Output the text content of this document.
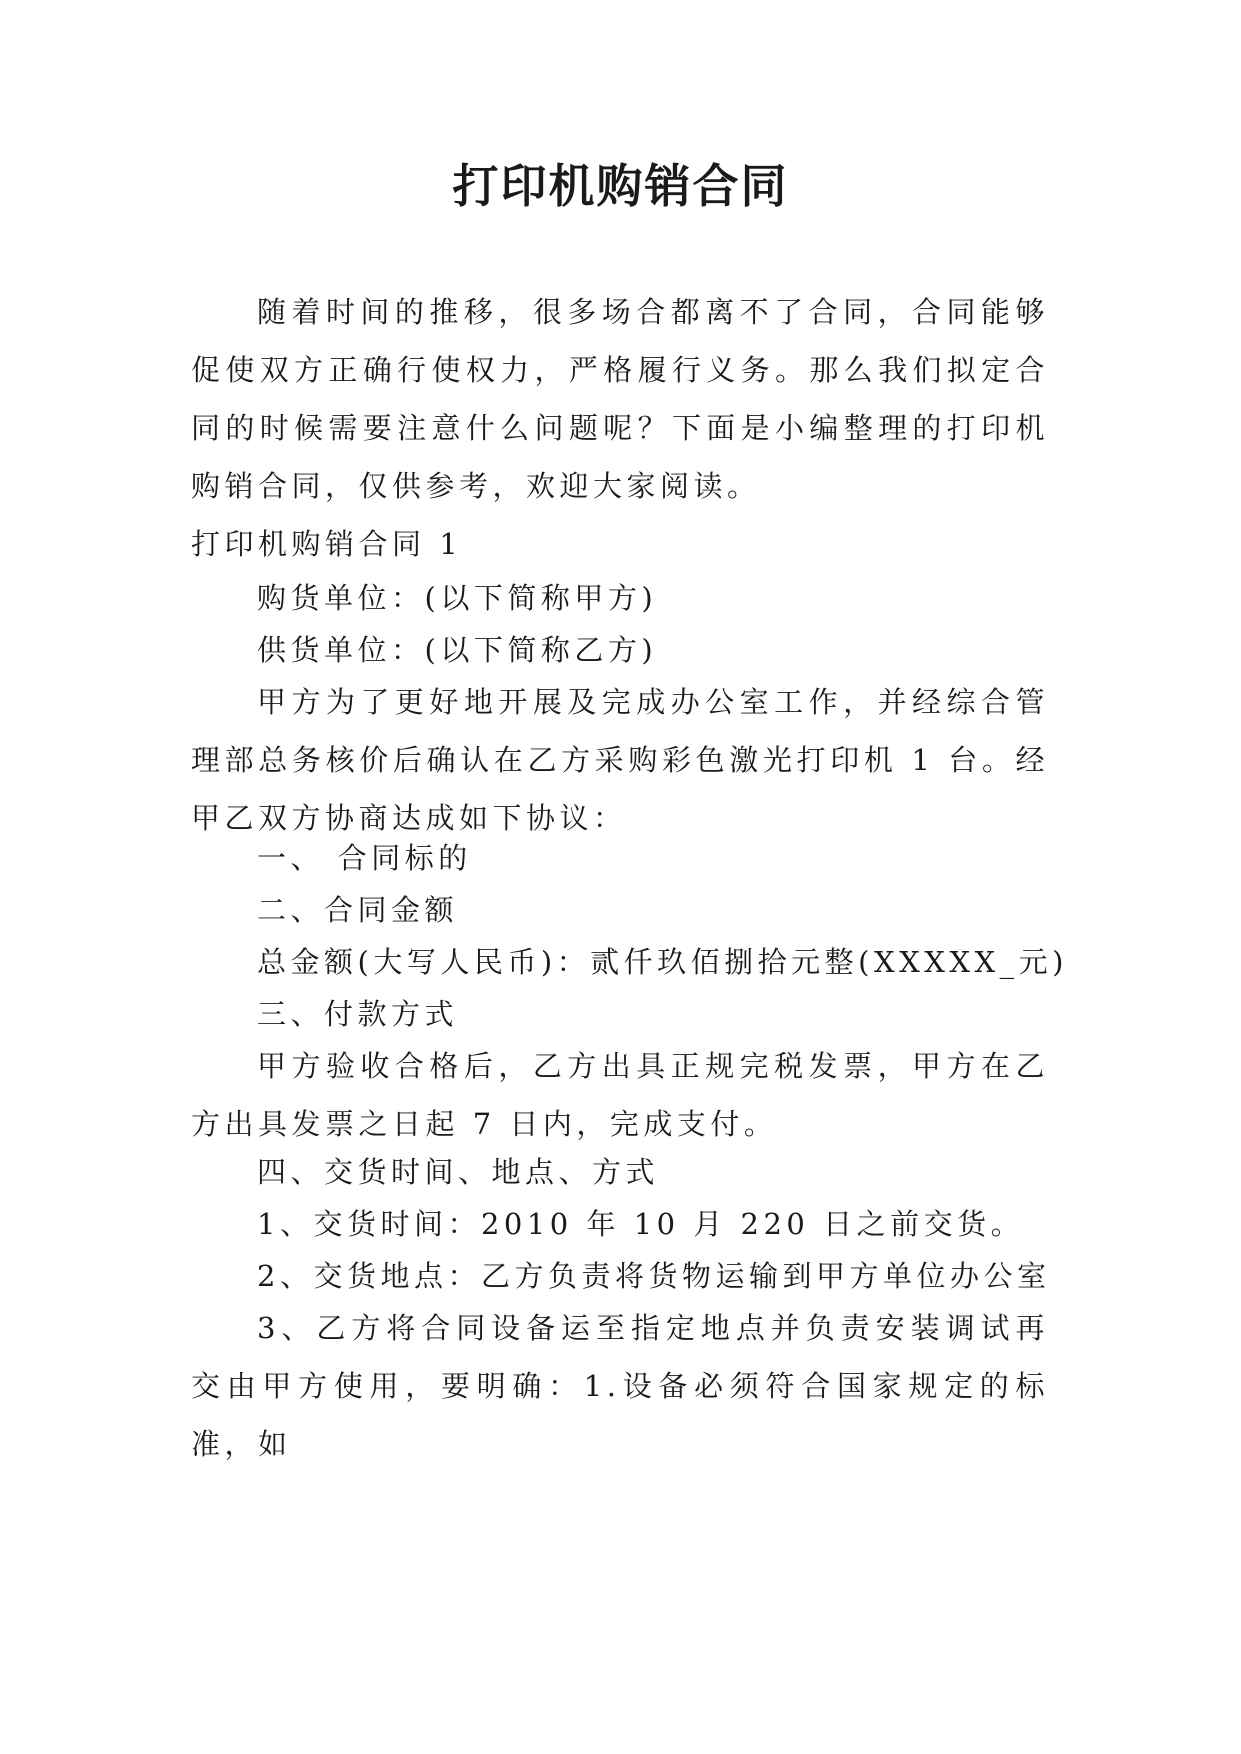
打印机购销合同

随着时间的推移，很多场合都离不了合同，合同能够促使双方正确行使权力，严格履行义务。那么我们拟定合同的时候需要注意什么问题呢？下面是小编整理的打印机购销合同，仅供参考，欢迎大家阅读。

打印机购销合同 1
购货单位：(以下简称甲方)
供货单位：(以下简称乙方)

甲方为了更好地开展及完成办公室工作，并经综合管理部总务核价后确认在乙方采购彩色激光打印机 1 台。经甲乙双方协商达成如下协议：

一、 合同标的
二、合同金额
总金额(大写人民币)：贰仟玖佰捌拾元整(XXXXX_元)
三、付款方式

甲方验收合格后，乙方出具正规完税发票，甲方在乙方出具发票之日起 7 日内，完成支付。

四、交货时间、地点、方式
1、交货时间：2010 年 10 月 220 日之前交货。
2、交货地点：乙方负责将货物运输到甲方单位办公室

3、乙方将合同设备运至指定地点并负责安装调试再交由甲方使用，要明确：1.设备必须符合国家规定的标准，如
